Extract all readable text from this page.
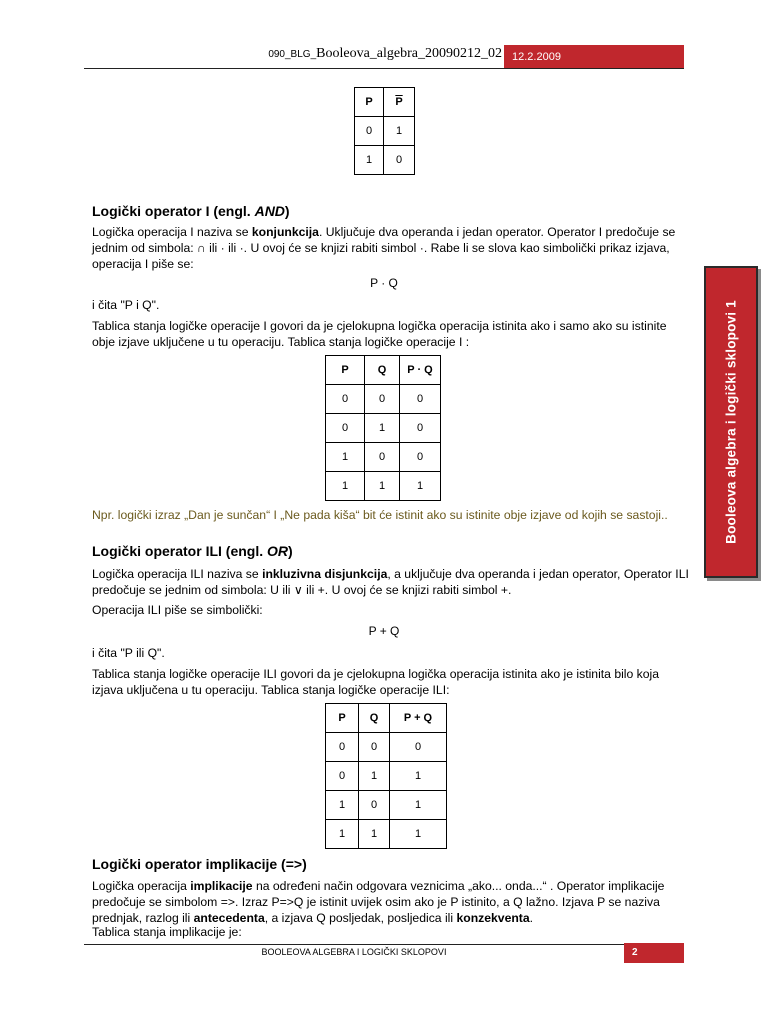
090_BLG_Booleova_algebra_20090212_02 12.2.2009
Booleova algebra i logički sklopovi 1
P	$\overline{P}$
0	1
1	0
Logički operator I (engl. AND)
Logička operacija I naziva se konjunkcija. Uključuje dva operanda i jedan operator. Operator I predočuje se jednim od simbola: ∩ ili · ili ·. U ovoj će se knjizi rabiti simbol ·. Rabe li se slova kao simbolički prikaz izjava, operacija I piše se:
P · Q
i čita "P i Q".
Tablica stanja logičke operacije I govori da je cjelokupna logička operacija istinita ako i samo ako su istinite obje izjave uključene u tu operaciju. Tablica stanja logičke operacije I :
P	Q	P · Q
0	0	0
0	1	0
1	0	0
1	1	1
Npr. logički izraz „Dan je sunčan“ I „Ne pada kiša“ bit će istinit ako su istinite obje izjave od kojih se sastoji..
Logički operator ILI (engl. OR)
Logička operacija ILI naziva se inkluzivna disjunkcija, a uključuje dva operanda i jedan operator, Operator ILI predočuje se jednim od simbola: U ili ∨ ili +. U ovoj će se knjizi rabiti simbol +.
Operacija ILI piše se simbolički:
P + Q
i čita "P ili Q".
Tablica stanja logičke operacije ILI govori da je cjelokupna logička operacija istinita ako je istinita bilo koja izjava uključena u tu operaciju. Tablica stanja logičke operacije ILI:
P	Q	P + Q
0	0	0
0	1	1
1	0	1
1	1	1
Logički operator implikacije (=>)
Logička operacija implikacije na određeni način odgovara veznicima „ako... onda...“ . Operator implikacije predočuje se simbolom =>. Izraz P=>Q je istinit uvijek osim ako je P istinito, a Q lažno. Izjava P se naziva prednjak, razlog ili antecedenta, a izjava Q posljedak, posljedica ili konzekventa.
Tablica stanja implikacije je:
BOOLEOVA ALGEBRA I LOGIČKI SKLOPOVI	2
